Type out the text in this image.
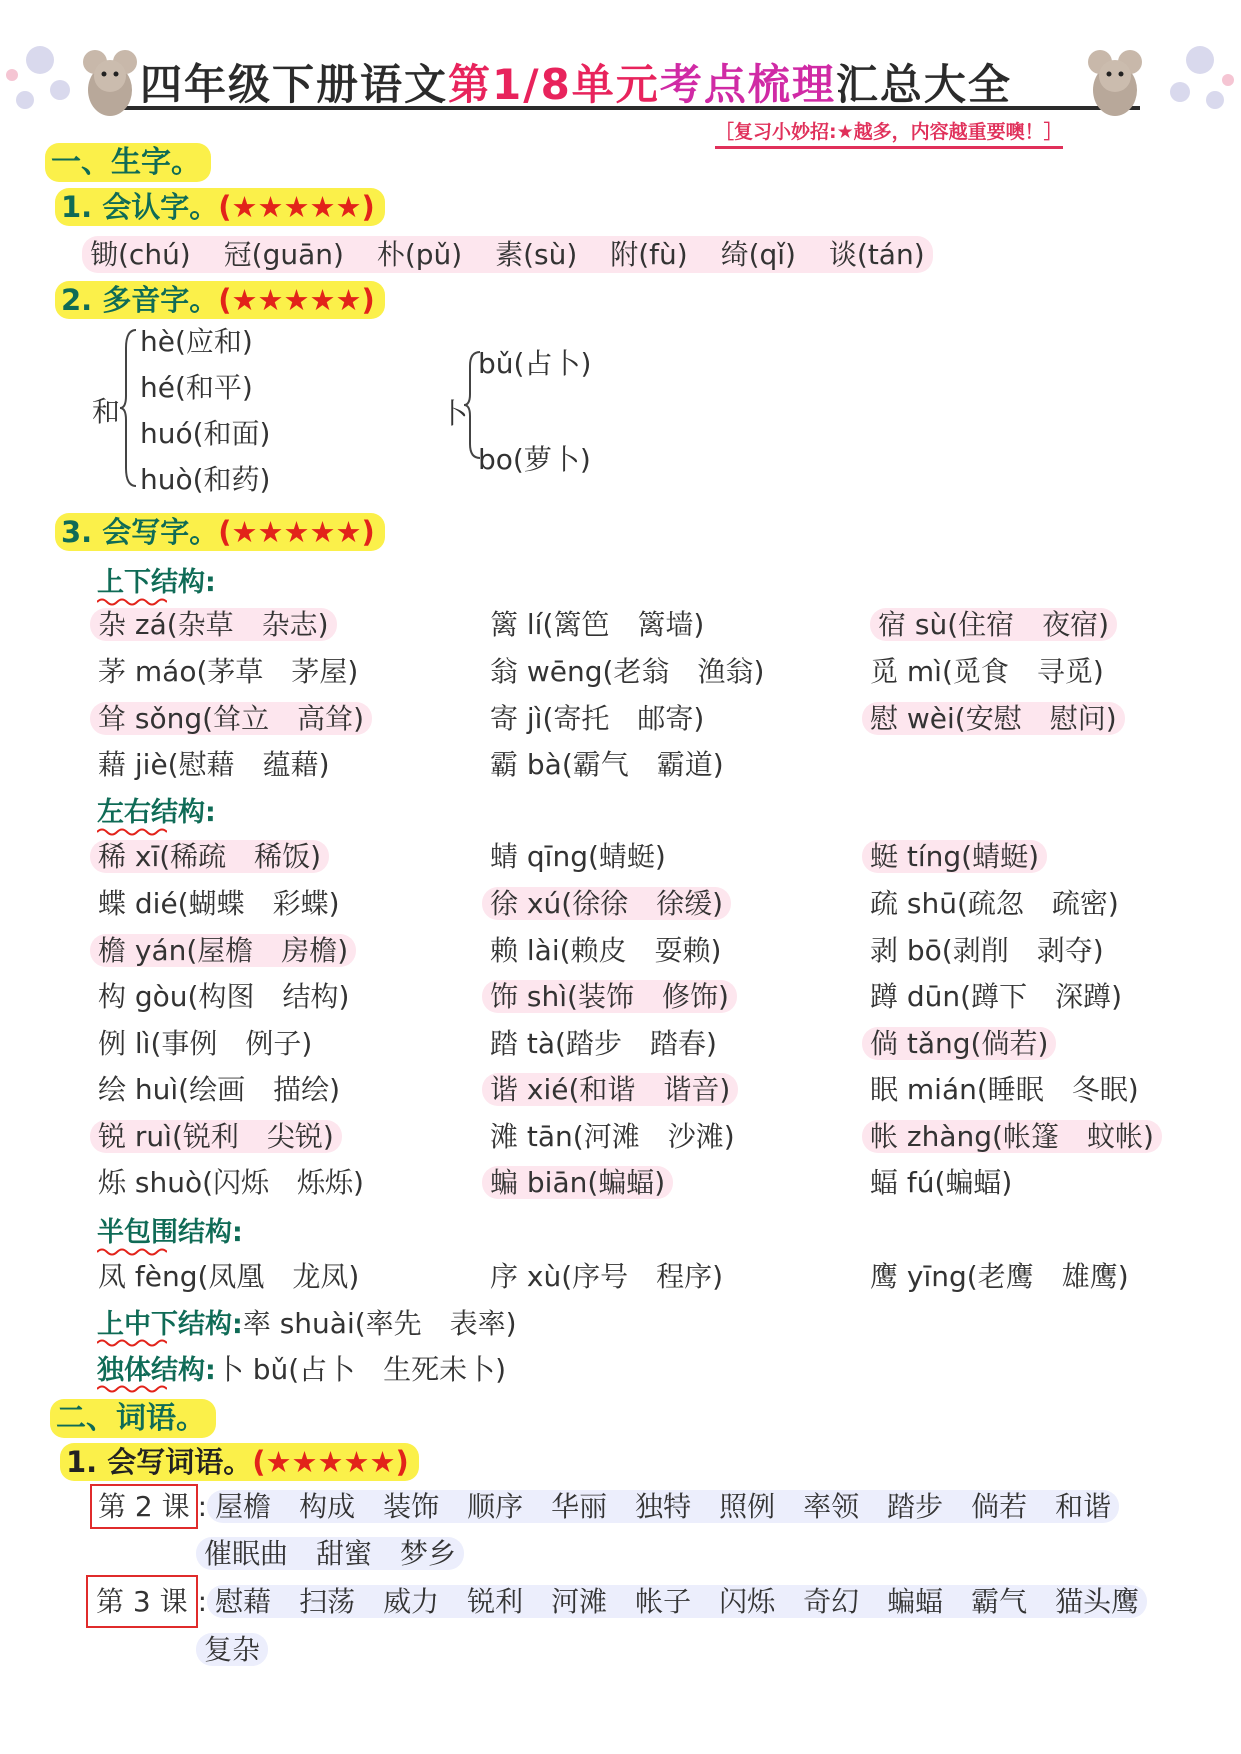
四年级下册语文第1/8单元考点梳理汇总大全
［复习小妙招:★越多，内容越重要噢！］
一、生字。
1. 会认字。(★★★★★)
锄(chú) 冠(guān) 朴(pǔ) 素(sù) 附(fù) 绮(qǐ) 谈(tán)
2. 多音字。(★★★★★)
和
hè(应和)
hé(和平)
huó(和面)
huò(和药)
卜
bǔ(占卜)
bo(萝卜)
3. 会写字。(★★★★★)
上下结构:
杂 zá(杂草　杂志)	篱 lí(篱笆　篱墙)	宿 sù(住宿　夜宿)
茅 máo(茅草　茅屋)	翁 wēng(老翁　渔翁)	觅 mì(觅食　寻觅)
耸 sǒng(耸立　高耸)	寄 jì(寄托　邮寄)	慰 wèi(安慰　慰问)
藉 jiè(慰藉　蕴藉)	霸 bà(霸气　霸道)
左右结构:
稀 xī(稀疏　稀饭)	蜻 qīng(蜻蜓)	蜓 tíng(蜻蜓)
蝶 dié(蝴蝶　彩蝶)	徐 xú(徐徐　徐缓)	疏 shū(疏忽　疏密)
檐 yán(屋檐　房檐)	赖 lài(赖皮　耍赖)	剥 bō(剥削　剥夺)
构 gòu(构图　结构)	饰 shì(装饰　修饰)	蹲 dūn(蹲下　深蹲)
例 lì(事例　例子)	踏 tà(踏步　踏春)	倘 tǎng(倘若)
绘 huì(绘画　描绘)	谐 xié(和谐　谐音)	眠 mián(睡眠　冬眠)
锐 ruì(锐利　尖锐)	滩 tān(河滩　沙滩)	帐 zhàng(帐篷　蚊帐)
烁 shuò(闪烁　烁烁)	蝙 biān(蝙蝠)	蝠 fú(蝙蝠)
半包围结构:
凤 fèng(凤凰　龙凤)	序 xù(序号　程序)	鹰 yīng(老鹰　雄鹰)
上中下结构:
率 shuài(率先　表率)
独体结构:
卜 bǔ(占卜　生死未卜)
二、词语。
1. 会写词语。(★★★★★)
第 2 课 : 屋檐　构成　装饰　顺序　华丽　独特　照例　率领　踏步　倘若　和谐
催眠曲　甜蜜　梦乡
第 3 课 : 慰藉　扫荡　威力　锐利　河滩　帐子　闪烁　奇幻　蝙蝠　霸气　猫头鹰
复杂
